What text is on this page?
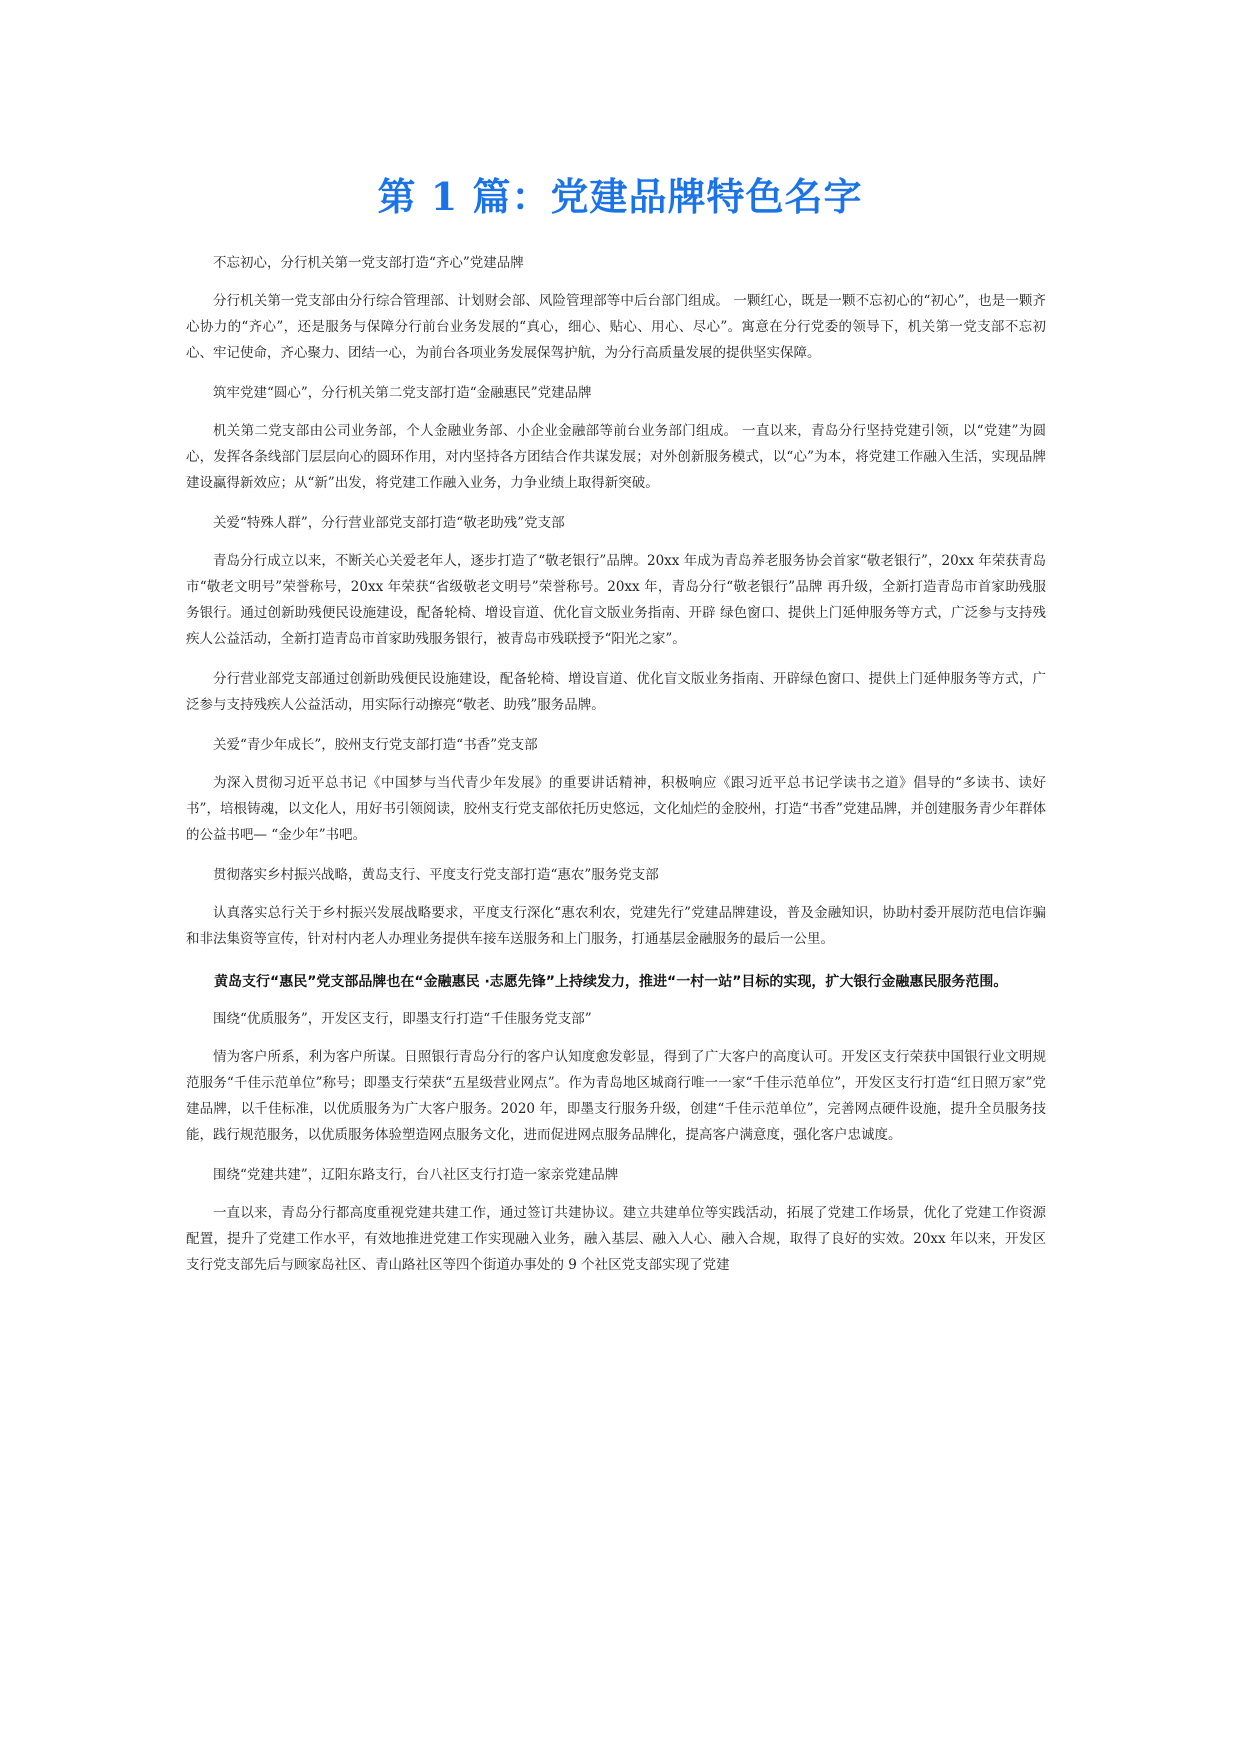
第 1 篇：党建品牌特色名字

不忘初心，分行机关第一党支部打造“齐心”党建品牌

分行机关第一党支部由分行综合管理部、计划财会部、风险管理部等中后台部门组成。 一颗红心，既是一颗不忘初心的“初心”，也是一颗齐心协力的“齐心”，还是服务与保障分行前台业务发展的“真心，细心、贴心、用心、尽心”。寓意在分行党委的领导下，机关第一党支部不忘初心、牢记使命，齐心聚力、团结一心，为前台各项业务发展保驾护航，为分行高质量发展的提供坚实保障。

筑牢党建“圆心”，分行机关第二党支部打造“金融惠民”党建品牌

机关第二党支部由公司业务部，个人金融业务部、小企业金融部等前台业务部门组成。 一直以来，青岛分行坚持党建引领，以“党建”为圆心，发挥各条线部门层层向心的圆环作用，对内坚持各方团结合作共谋发展；对外创新服务模式，以“心”为本，将党建工作融入生活，实现品牌建设赢得新效应；从“新”出发，将党建工作融入业务，力争业绩上取得新突破。

关爱“特殊人群”，分行营业部党支部打造“敬老助残”党支部

青岛分行成立以来，不断关心关爱老年人，逐步打造了“敬老银行”品牌。20xx 年成为青岛养老服务协会首家“敬老银行”，20xx 年荣获青岛市“敬老文明号”荣誉称号，20xx 年荣获“省级敬老文明号”荣誉称号。20xx 年，青岛分行“敬老银行”品牌 再升级，全新打造青岛市首家助残服务银行。通过创新助残便民设施建设，配备轮椅、增设盲道、优化盲文版业务指南、开辟 绿色窗口、提供上门延伸服务等方式，广泛参与支持残疾人公益活动，全新打造青岛市首家助残服务银行，被青岛市残联授予“阳光之家”。

分行营业部党支部通过创新助残便民设施建设，配备轮椅、增设盲道、优化盲文版业务指南、开辟绿色窗口、提供上门延伸服务等方式，广泛参与支持残疾人公益活动，用实际行动擦亮“敬老、助残”服务品牌。

关爱“青少年成长”，胶州支行党支部打造“书香”党支部

为深入贯彻习近平总书记《中国梦与当代青少年发展》的重要讲话精神，积极响应《跟习近平总书记学读书之道》倡导的“多读书、读好书”，培根铸魂，以文化人，用好书引领阅读，胶州支行党支部依托历史悠远，文化灿烂的金胶州，打造“书香”党建品牌，并创建服务青少年群体的公益书吧— “金少年”书吧。

贯彻落实乡村振兴战略，黄岛支行、平度支行党支部打造“惠农”服务党支部

认真落实总行关于乡村振兴发展战略要求，平度支行深化“惠农利农，党建先行”党建品牌建设，普及金融知识，协助村委开展防范电信诈骗和非法集资等宣传，针对村内老人办理业务提供车接车送服务和上门服务，打通基层金融服务的最后一公里。

黄岛支行“惠民”党支部品牌也在“金融惠民 ·志愿先锋”上持续发力，推进“一村一站”目标的实现，扩大银行金融惠民服务范围。

围绕“优质服务”，开发区支行，即墨支行打造“千佳服务党支部”

情为客户所系，利为客户所谋。日照银行青岛分行的客户认知度愈发彰显，得到了广大客户的高度认可。开发区支行荣获中国银行业文明规范服务“千佳示范单位”称号；即墨支行荣获“五星级营业网点”。作为青岛地区城商行唯一一家“千佳示范单位”，开发区支行打造“红日照万家”党建品牌，以千佳标准，以优质服务为广大客户服务。2020 年，即墨支行服务升级，创建“千佳示范单位”，完善网点硬件设施，提升全员服务技能，践行规范服务，以优质服务体验塑造网点服务文化，进而促进网点服务品牌化，提高客户满意度，强化客户忠诚度。

围绕“党建共建”，辽阳东路支行，台八社区支行打造一家亲党建品牌

一直以来，青岛分行都高度重视党建共建工作，通过签订共建协议。建立共建单位等实践活动，拓展了党建工作场景，优化了党建工作资源配置，提升了党建工作水平，有效地推进党建工作实现融入业务，融入基层、融入人心、融入合规，取得了良好的实效。20xx 年以来，开发区支行党支部先后与顾家岛社区、青山路社区等四个街道办事处的 9 个社区党支部实现了党建
